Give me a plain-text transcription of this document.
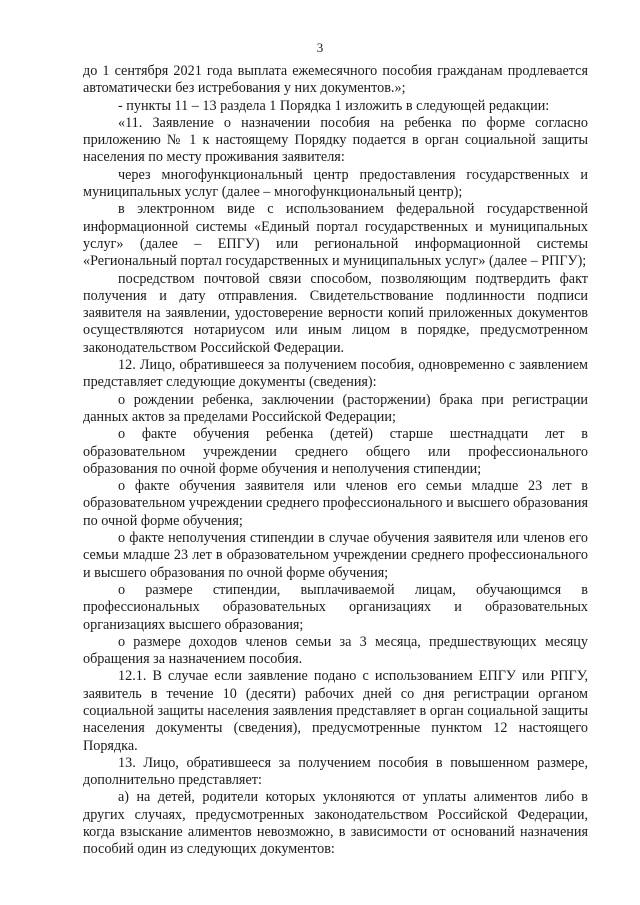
3

до 1 сентября 2021 года выплата ежемесячного пособия гражданам продлевается автоматически без истребования у них документов.»;

- пункты 11 – 13 раздела 1 Порядка 1 изложить в следующей редакции:

«11. Заявление о назначении пособия на ребенка по форме согласно приложению № 1 к настоящему Порядку подается в орган социальной защиты населения по месту проживания заявителя:

через многофункциональный центр предоставления государственных и муниципальных услуг (далее – многофункциональный центр);

в электронном виде с использованием федеральной государственной информационной системы «Единый портал государственных и муниципальных услуг» (далее – ЕПГУ) или региональной информационной системы «Региональный портал государственных и муниципальных услуг» (далее – РПГУ);

посредством почтовой связи способом, позволяющим подтвердить факт получения и дату отправления. Свидетельствование подлинности подписи заявителя на заявлении, удостоверение верности копий приложенных документов осуществляются нотариусом или иным лицом в порядке, предусмотренном законодательством Российской Федерации.

12. Лицо, обратившееся за получением пособия, одновременно с заявлением представляет следующие документы (сведения):

о рождении ребенка, заключении (расторжении) брака при регистрации данных актов за пределами Российской Федерации;

о факте обучения ребенка (детей) старше шестнадцати лет в образовательном учреждении среднего общего или профессионального образования по очной форме обучения и неполучения стипендии;

о факте обучения заявителя или членов его семьи младше 23 лет в образовательном учреждении среднего профессионального и высшего образования по очной форме обучения;

о факте неполучения стипендии в случае обучения заявителя или членов его семьи младше 23 лет в образовательном учреждении среднего профессионального и высшего образования по очной форме обучения;

о размере стипендии, выплачиваемой лицам, обучающимся в профессиональных образовательных организациях и образовательных организациях высшего образования;

о размере доходов членов семьи за 3 месяца, предшествующих месяцу обращения за назначением пособия.

12.1. В случае если заявление подано с использованием ЕПГУ или РПГУ, заявитель в течение 10 (десяти) рабочих дней со дня регистрации органом социальной защиты населения заявления представляет в орган социальной защиты населения документы (сведения), предусмотренные пунктом 12 настоящего Порядка.

13. Лицо, обратившееся за получением пособия в повышенном размере, дополнительно представляет:

а) на детей, родители которых уклоняются от уплаты алиментов либо в других случаях, предусмотренных законодательством Российской Федерации, когда взыскание алиментов невозможно, в зависимости от оснований назначения пособий один из следующих документов:
